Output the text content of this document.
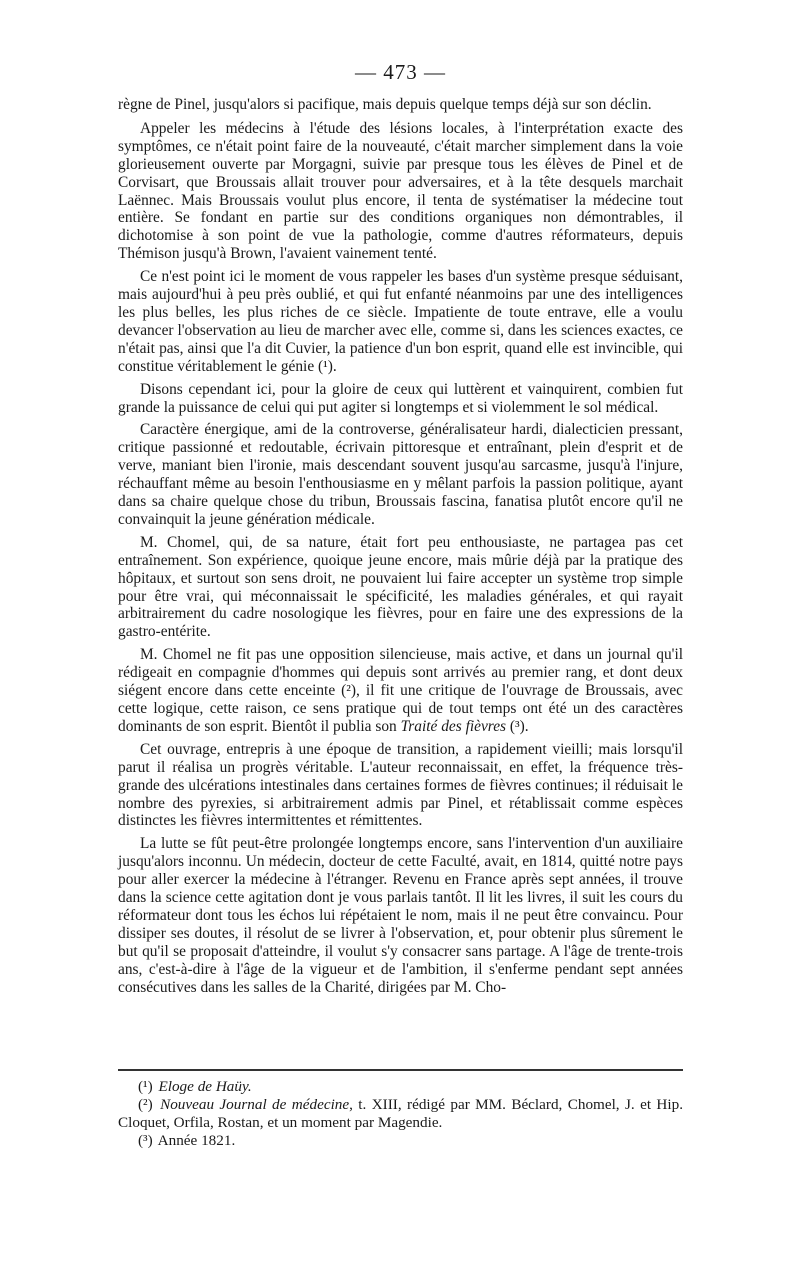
— 473 —

règne de Pinel, jusqu'alors si pacifique, mais depuis quelque temps déjà sur son déclin.

Appeler les médecins à l'étude des lésions locales, à l'interprétation exacte des symptômes, ce n'était point faire de la nouveauté, c'était marcher simplement dans la voie glorieusement ouverte par Morgagni, suivie par presque tous les élèves de Pinel et de Corvisart, que Broussais allait trouver pour adversaires, et à la tête desquels marchait Laënnec. Mais Broussais voulut plus encore, il tenta de systématiser la médecine tout entière. Se fondant en partie sur des conditions organiques non démontrables, il dichotomise à son point de vue la pathologie, comme d'autres réformateurs, depuis Thémison jusqu'à Brown, l'avaient vainement tenté.

Ce n'est point ici le moment de vous rappeler les bases d'un système presque séduisant, mais aujourd'hui à peu près oublié, et qui fut enfanté néanmoins par une des intelligences les plus belles, les plus riches de ce siècle. Impatiente de toute entrave, elle a voulu devancer l'observation au lieu de marcher avec elle, comme si, dans les sciences exactes, ce n'était pas, ainsi que l'a dit Cuvier, la patience d'un bon esprit, quand elle est invincible, qui constitue véritablement le génie (¹).

Disons cependant ici, pour la gloire de ceux qui luttèrent et vainquirent, combien fut grande la puissance de celui qui put agiter si longtemps et si violemment le sol médical.

Caractère énergique, ami de la controverse, généralisateur hardi, dialecticien pressant, critique passionné et redoutable, écrivain pittoresque et entraînant, plein d'esprit et de verve, maniant bien l'ironie, mais descendant souvent jusqu'au sarcasme, jusqu'à l'injure, réchauffant même au besoin l'enthousiasme en y mêlant parfois la passion politique, ayant dans sa chaire quelque chose du tribun, Broussais fascina, fanatisa plutôt encore qu'il ne convainquit la jeune génération médicale.

M. Chomel, qui, de sa nature, était fort peu enthousiaste, ne partagea pas cet entraînement. Son expérience, quoique jeune encore, mais mûrie déjà par la pratique des hôpitaux, et surtout son sens droit, ne pouvaient lui faire accepter un système trop simple pour être vrai, qui méconnaissait le spécificité, les maladies générales, et qui rayait arbitrairement du cadre nosologique les fièvres, pour en faire une des expressions de la gastro-entérite.

M. Chomel ne fit pas une opposition silencieuse, mais active, et dans un journal qu'il rédigeait en compagnie d'hommes qui depuis sont arrivés au premier rang, et dont deux siégent encore dans cette enceinte (²), il fit une critique de l'ouvrage de Broussais, avec cette logique, cette raison, ce sens pratique qui de tout temps ont été un des caractères dominants de son esprit. Bientôt il publia son Traité des fièvres (³).

Cet ouvrage, entrepris à une époque de transition, a rapidement vieilli; mais lorsqu'il parut il réalisa un progrès véritable. L'auteur reconnaissait, en effet, la fréquence très-grande des ulcérations intestinales dans certaines formes de fièvres continues; il réduisait le nombre des pyrexies, si arbitrairement admis par Pinel, et rétablissait comme espèces distinctes les fièvres intermittentes et rémittentes.

La lutte se fût peut-être prolongée longtemps encore, sans l'intervention d'un auxiliaire jusqu'alors inconnu. Un médecin, docteur de cette Faculté, avait, en 1814, quitté notre pays pour aller exercer la médecine à l'étranger. Revenu en France après sept années, il trouve dans la science cette agitation dont je vous parlais tantôt. Il lit les livres, il suit les cours du réformateur dont tous les échos lui répétaient le nom, mais il ne peut être convaincu. Pour dissiper ses doutes, il résolut de se livrer à l'observation, et, pour obtenir plus sûrement le but qu'il se proposait d'atteindre, il voulut s'y consacrer sans partage. A l'âge de trente-trois ans, c'est-à-dire à l'âge de la vigueur et de l'ambition, il s'enferme pendant sept années consécutives dans les salles de la Charité, dirigées par M. Cho-

(¹) Eloge de Haüy.

(²) Nouveau Journal de médecine, t. XIII, rédigé par MM. Béclard, Chomel, J. et Hip. Cloquet, Orfila, Rostan, et un moment par Magendie.

(³) Année 1821.
